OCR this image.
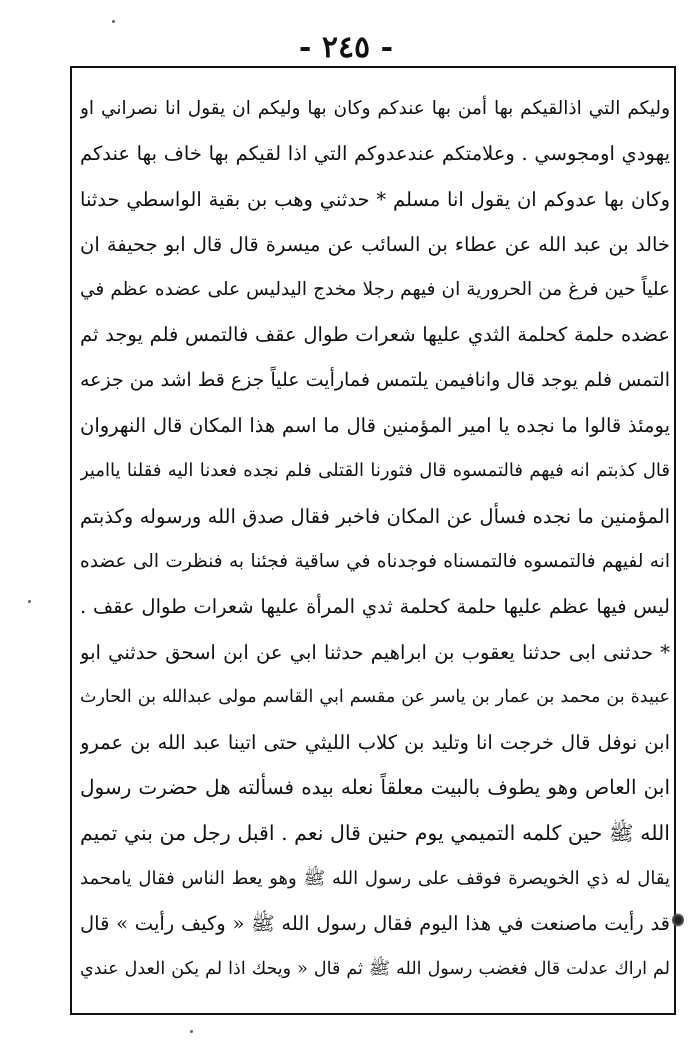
- ٢٤٥ -
وليكم التي اذالقيكم بها أمن بها عندكم وكان بها وليكم ان يقول انا نصراني او
يهودي اومجوسي . وعلامتكم عندعدوكم التي اذا لقيكم بها خاف بها عندكم
وكان بها عدوكم ان يقول انا مسلم * حدثني وهب بن بقية الواسطي حدثنا
خالد بن عبد الله عن عطاء بن السائب عن ميسرة قال قال ابو جحيفة ان
علياً حين فرغ من الحرورية ان فيهم رجلا مخدج اليدليس على عضده عظم في
عضده حلمة كحلمة الثدي عليها شعرات طوال عقف فالتمس فلم يوجد ثم
التمس فلم يوجد قال وانافيمن يلتمس فمارأيت علياً جزع قط اشد من جزعه
يومئذ قالوا ما نجده يا امير المؤمنين قال ما اسم هذا المكان قال النهروان
قال كذبتم انه فيهم فالتمسوه قال فثورنا القتلى فلم نجده فعدنا اليه فقلنا ياامير
المؤمنين ما نجده فسأل عن المكان فاخبر فقال صدق الله ورسوله وكذبتم
انه لفيهم فالتمسوه فالتمسناه فوجدناه في ساقية فجئنا به فنظرت الى عضده
ليس فيها عظم عليها حلمة كحلمة ثدي المرأة عليها شعرات طوال عقف .
* حدثنى ابى حدثنا يعقوب بن ابراهيم حدثنا ابي عن ابن اسحق حدثني ابو
عبيدة بن محمد بن عمار بن ياسر عن مقسم ابي القاسم مولى عبدالله بن الحارث
ابن نوفل قال خرجت انا وتليد بن كلاب الليثي حتى اتينا عبد الله بن عمرو
ابن العاص وهو يطوف بالبيت معلقاً نعله بيده فسألته هل حضرت رسول
الله ﷺ حين كلمه التميمي يوم حنين قال نعم . اقبل رجل من بني تميم
يقال له ذي الخويصرة فوقف على رسول الله ﷺ وهو يعط الناس فقال يامحمد
قد رأيت ماصنعت في هذا اليوم فقال رسول الله ﷺ « وكيف رأيت » قال
لم اراك عدلت قال فغضب رسول الله ﷺ ثم قال « ويحك اذا لم يكن العدل عندي
